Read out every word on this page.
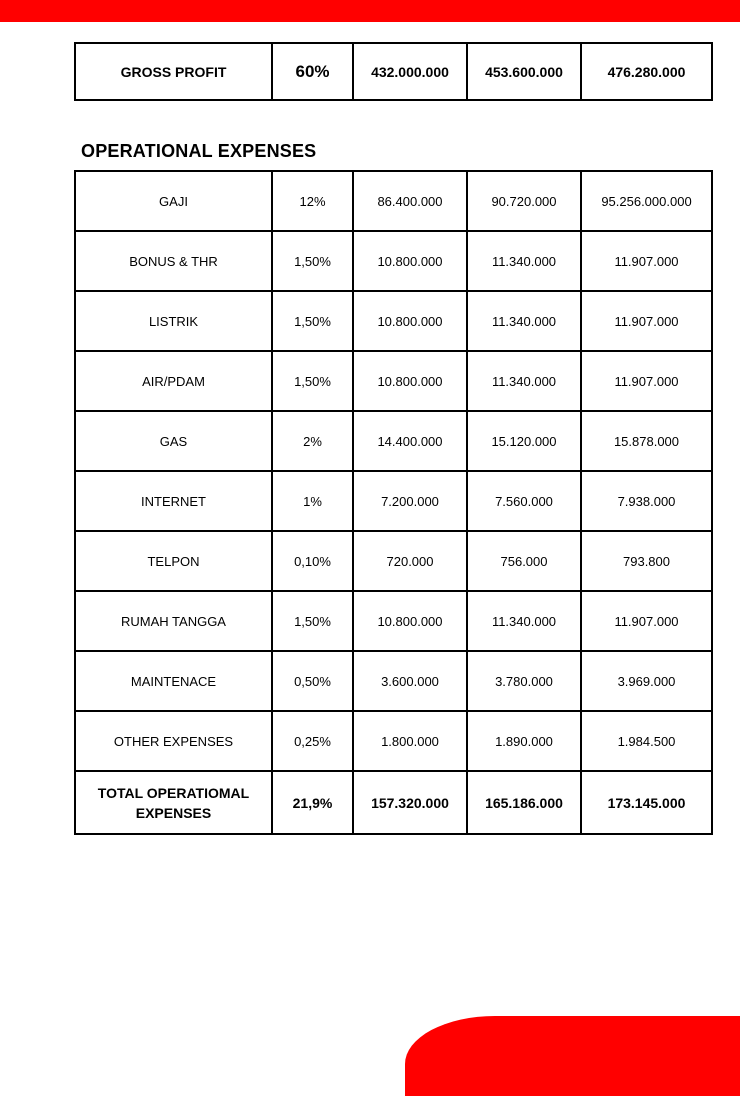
GROSS PROFIT	60%	432.000.000	453.600.000	476.280.000
OPERATIONAL EXPENSES
GAJI	12%	86.400.000	90.720.000	95.256.000.000
BONUS & THR	1,50%	10.800.000	11.340.000	11.907.000
LISTRIK	1,50%	10.800.000	11.340.000	11.907.000
AIR/PDAM	1,50%	10.800.000	11.340.000	11.907.000
GAS	2%	14.400.000	15.120.000	15.878.000
INTERNET	1%	7.200.000	7.560.000	7.938.000
TELPON	0,10%	720.000	756.000	793.800
RUMAH TANGGA	1,50%	10.800.000	11.340.000	11.907.000
MAINTENACE	0,50%	3.600.000	3.780.000	3.969.000
OTHER EXPENSES	0,25%	1.800.000	1.890.000	1.984.500
TOTAL OPERATIOMAL EXPENSES	21,9%	157.320.000	165.186.000	173.145.000
